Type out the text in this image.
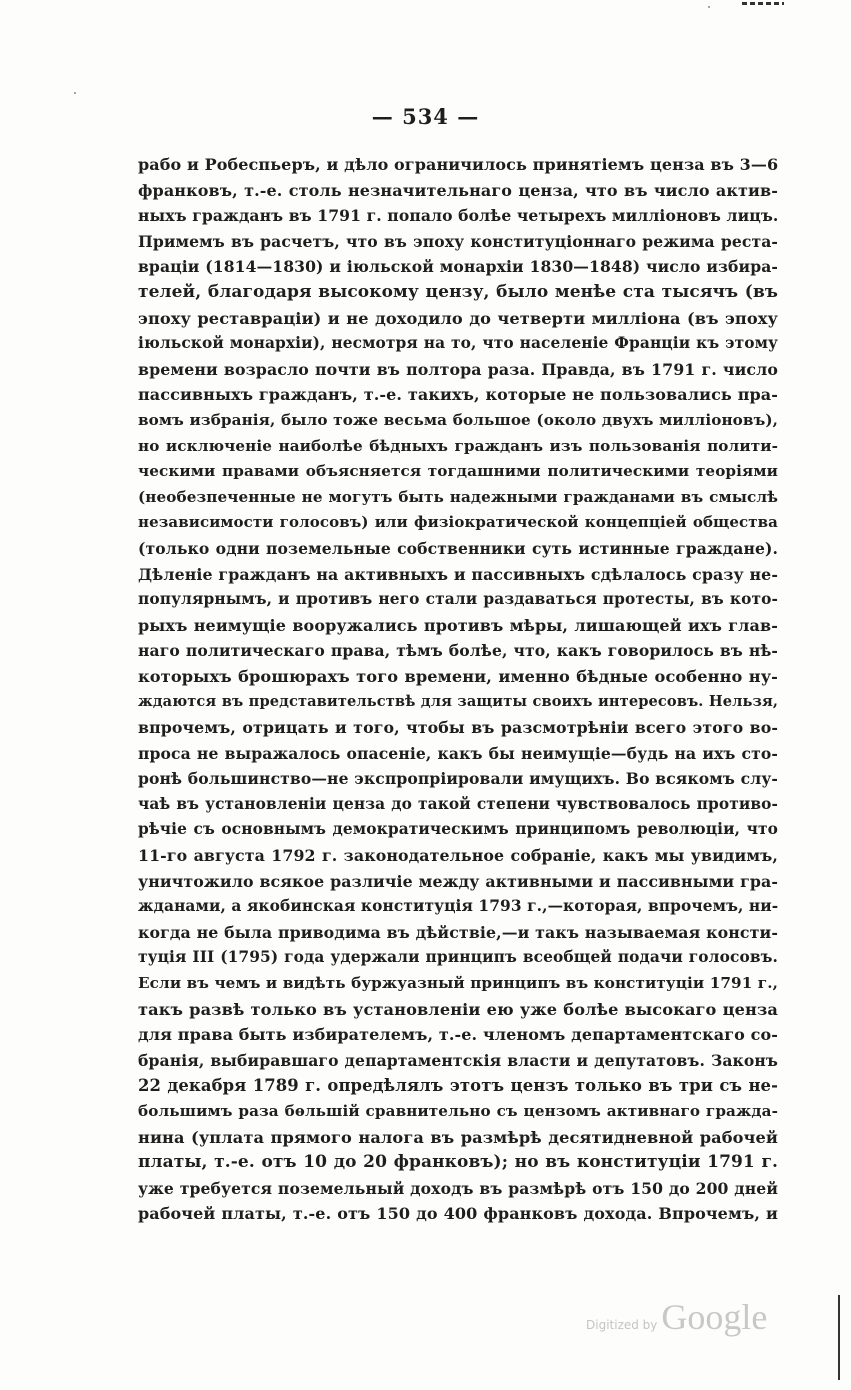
— 534 —
рабо и Робеспьеръ, и дѣло ограничилось принятіемъ ценза въ 3—6
франковъ, т.-е. столь незначительнаго ценза, что въ число актив-
ныхъ гражданъ въ 1791 г. попало болѣе четырехъ милліоновъ лицъ.
Примемъ въ расчетъ, что въ эпоху конституціоннаго режима реста-
враціи (1814—1830) и іюльской монархіи 1830—1848) число избира-
телей, благодаря высокому цензу, было менѣе ста тысячъ (въ
эпоху реставраціи) и не доходило до четверти милліона (въ эпоху
іюльской монархіи), несмотря на то, что населеніе Франціи къ этому
времени возрасло почти въ полтора раза. Правда, въ 1791 г. число
пассивныхъ гражданъ, т.-е. такихъ, которые не пользовались пра-
вомъ избранія, было тоже весьма большое (около двухъ милліоновъ),
но исключеніе наиболѣе бѣдныхъ гражданъ изъ пользованія полити-
ческими правами объясняется тогдашними политическими теоріями
(необезпеченные не могутъ быть надежными гражданами въ смыслѣ
независимости голосовъ) или физіократической концепціей общества
(только одни поземельные собственники суть истинные граждане).
Дѣленіе гражданъ на активныхъ и пассивныхъ сдѣлалось сразу не-
популярнымъ, и противъ него стали раздаваться протесты, въ кото-
рыхъ неимущіе вооружались противъ мѣры, лишающей ихъ глав-
наго политическаго права, тѣмъ болѣе, что, какъ говорилось въ нѣ-
которыхъ брошюрахъ того времени, именно бѣдные особенно ну-
ждаются въ представительствѣ для защиты своихъ интересовъ. Нельзя,
впрочемъ, отрицать и того, чтобы въ разсмотрѣніи всего этого во-
проса не выражалось опасеніе, какъ бы неимущіе—будь на ихъ сто-
ронѣ большинство—не экспропріировали имущихъ. Во всякомъ слу-
чаѣ въ установленіи ценза до такой степени чувствовалось противо-
рѣчіе съ основнымъ демократическимъ принципомъ революціи, что
11-го августа 1792 г. законодательное собраніе, какъ мы увидимъ,
уничтожило всякое различіе между активными и пассивными гра-
жданами, а якобинская конституція 1793 г.,—которая, впрочемъ, ни-
когда не была приводима въ дѣйствіе,—и такъ называемая консти-
туція III (1795) года удержали принципъ всеобщей подачи голосовъ.
Если въ чемъ и видѣть буржуазный принципъ въ конституціи 1791 г.,
такъ развѣ только въ установленіи ею уже болѣе высокаго ценза
для права быть избирателемъ, т.-е. членомъ департаментскаго со-
бранія, выбиравшаго департаментскія власти и депутатовъ. Законъ
22 декабря 1789 г. опредѣлялъ этотъ цензъ только въ три съ не-
большимъ раза бѳльшій сравнительно съ цензомъ активнаго гражда-
нина (уплата прямого налога въ размѣрѣ десятидневной рабочей
платы, т.-е. отъ 10 до 20 франковъ); но въ конституціи 1791 г.
уже требуется поземельный доходъ въ размѣрѣ отъ 150 до 200 дней
рабочей платы, т.-е. отъ 150 до 400 франковъ дохода. Впрочемъ, и
Digitized by Google
